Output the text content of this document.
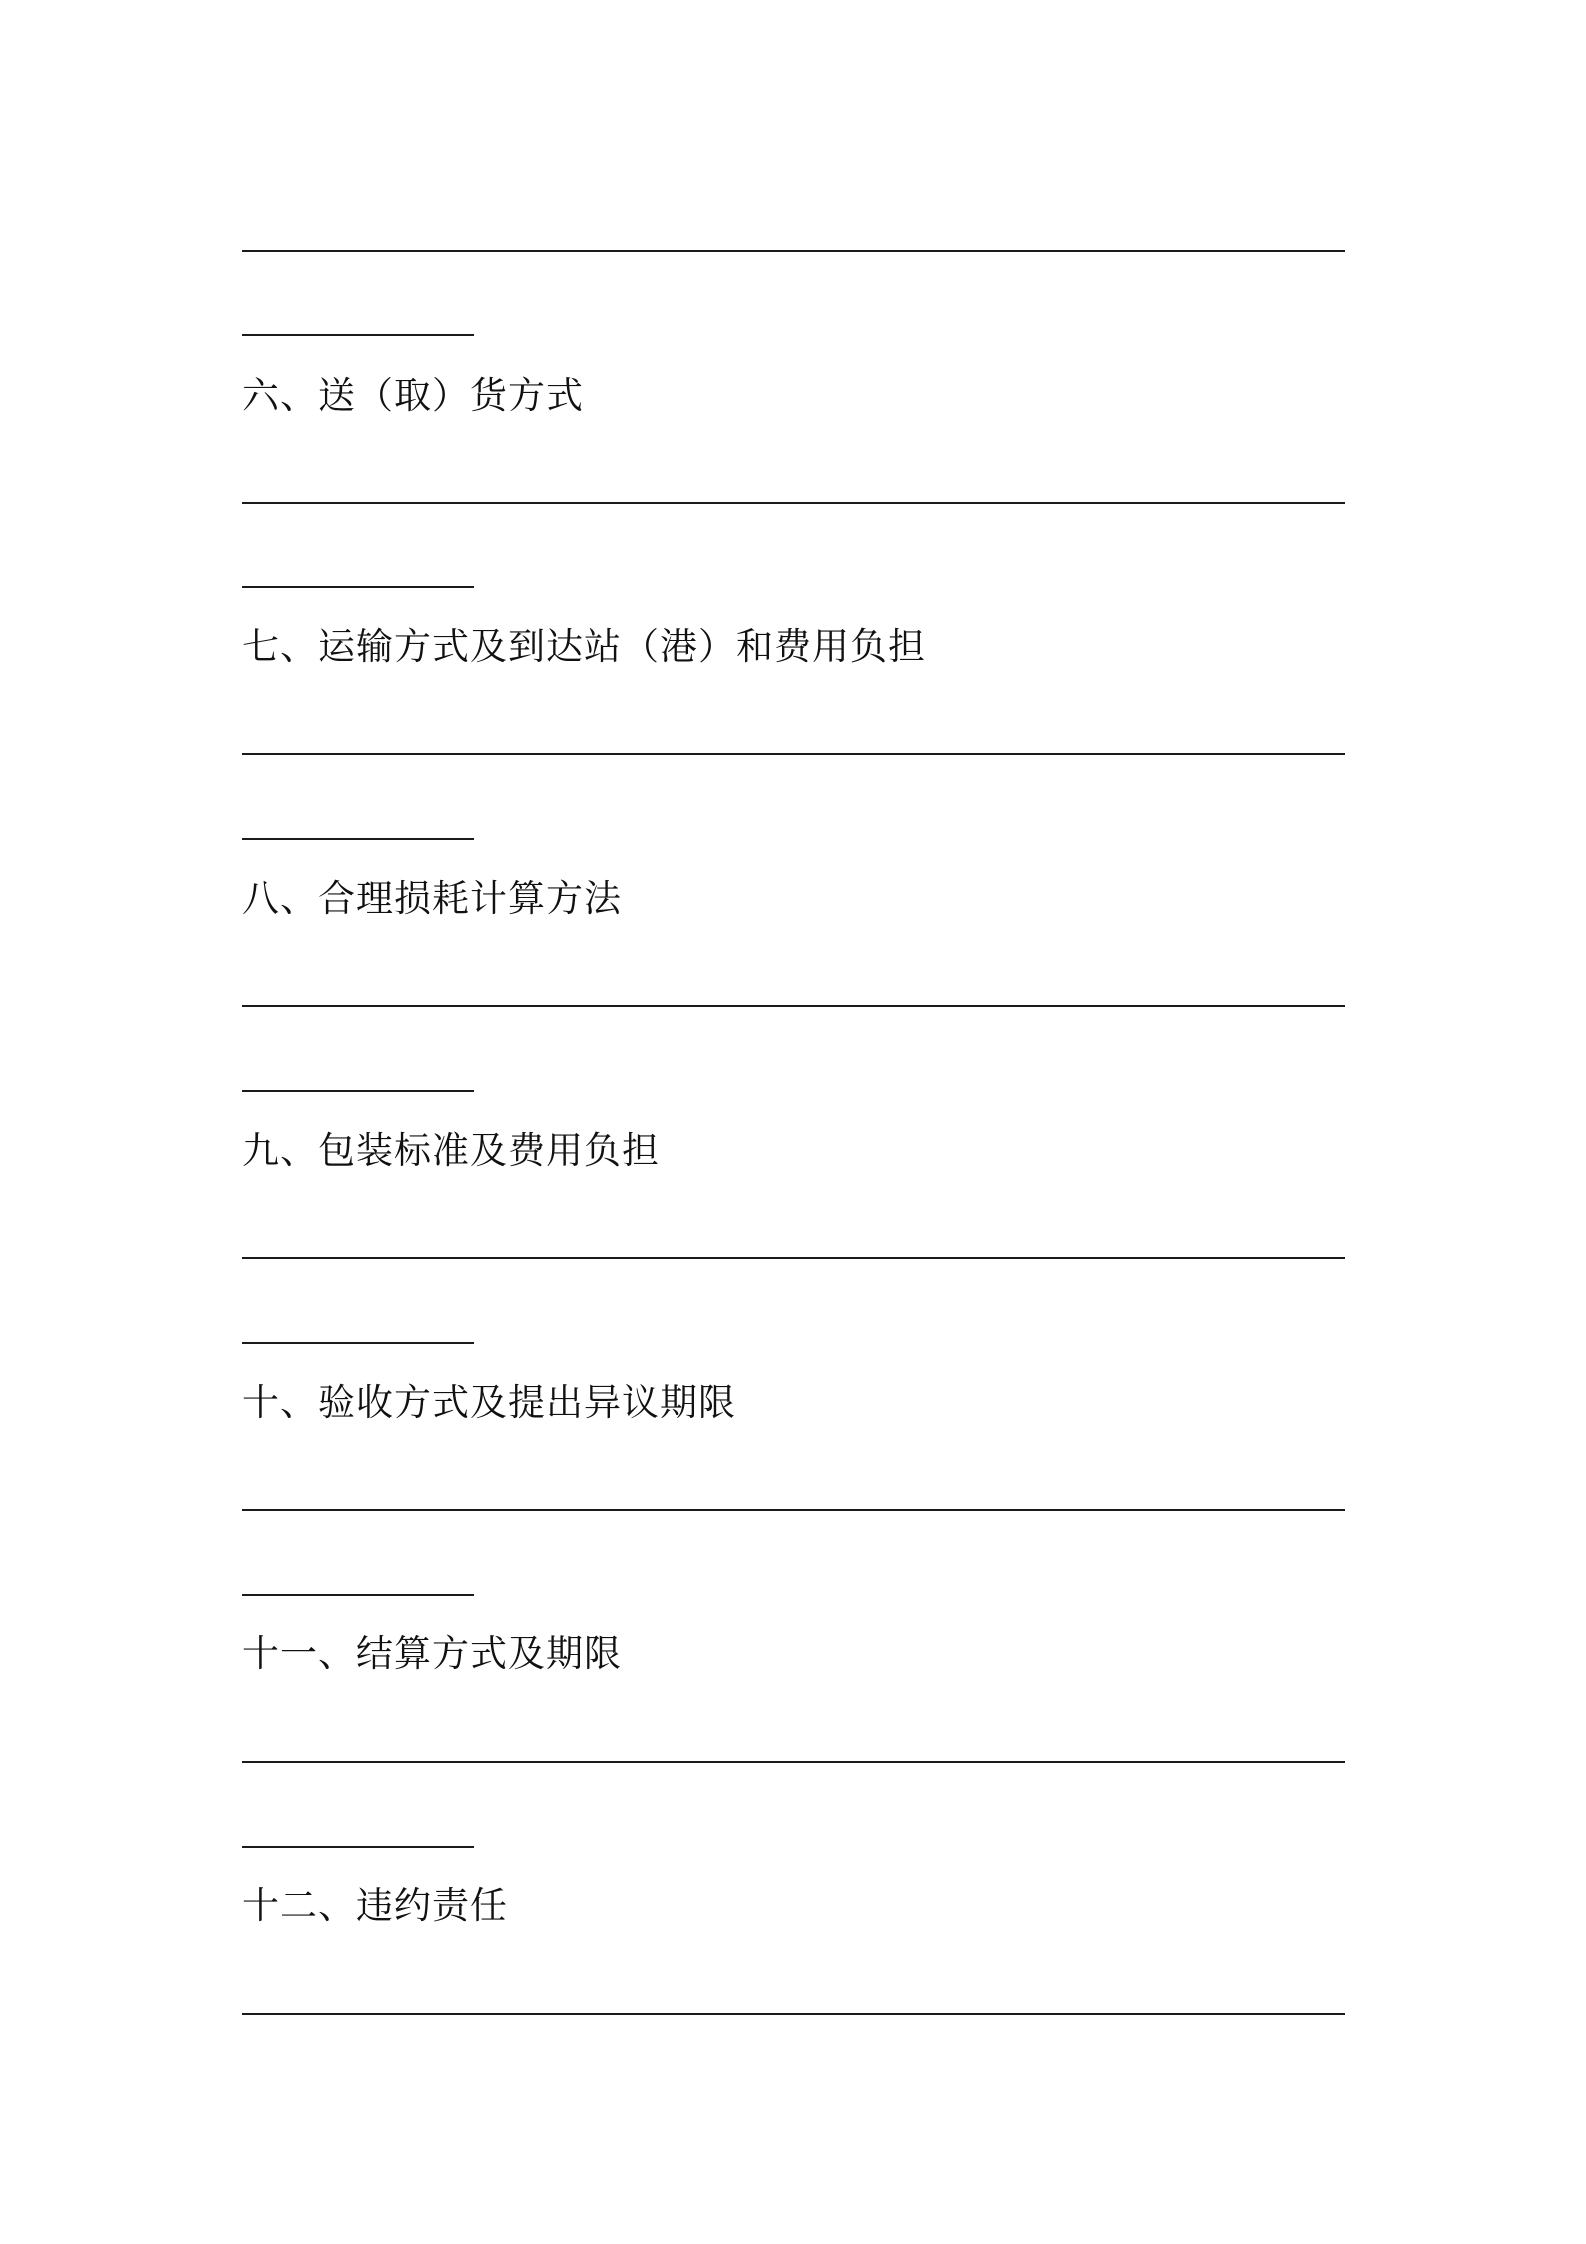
六、送（取）货方式
七、运输方式及到达站（港）和费用负担
八、合理损耗计算方法
九、包装标准及费用负担
十、验收方式及提出异议期限
十一、结算方式及期限
十二、违约责任
